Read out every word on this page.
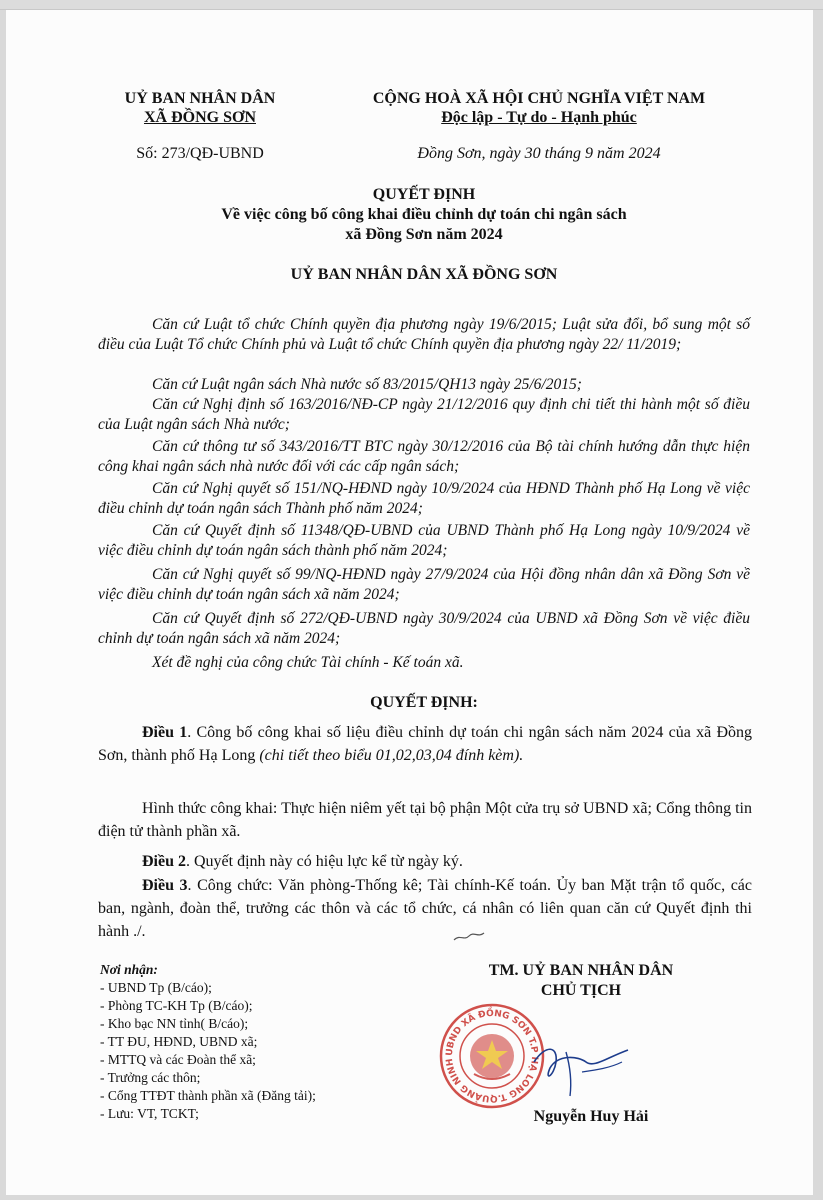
UỶ BAN NHÂN DÂN
XÃ ĐỒNG SƠN
Số: 273/QĐ-UBND
CỘNG HOÀ XÃ HỘI CHỦ NGHĨA VIỆT NAM
Độc lập - Tự do - Hạnh phúc
Đồng Sơn, ngày 30 tháng 9 năm 2024
QUYẾT ĐỊNH
Về việc công bố công khai điều chỉnh dự toán chi ngân sách
xã Đồng Sơn năm 2024
UỶ BAN NHÂN DÂN XÃ ĐỒNG SƠN
Căn cứ Luật tổ chức Chính quyền địa phương ngày 19/6/2015; Luật sửa đổi, bổ sung một số điều của Luật Tổ chức Chính phủ và Luật tổ chức Chính quyền địa phương ngày 22/ 11/2019;
Căn cứ Luật ngân sách Nhà nước số 83/2015/QH13 ngày 25/6/2015;
Căn cứ Nghị định số 163/2016/NĐ-CP ngày 21/12/2016 quy định chi tiết thi hành một số điều của Luật ngân sách Nhà nước;
Căn cứ thông tư số 343/2016/TT BTC ngày 30/12/2016 của Bộ tài chính hướng dẫn thực hiện công khai ngân sách nhà nước đối với các cấp ngân sách;
Căn cứ Nghị quyết số 151/NQ-HĐND ngày 10/9/2024 của HĐND Thành phố Hạ Long về việc điều chỉnh dự toán ngân sách Thành phố năm 2024;
Căn cứ Quyết định số 11348/QĐ-UBND của UBND Thành phố Hạ Long ngày 10/9/2024 về việc điều chỉnh dự toán ngân sách thành phố năm 2024;
Căn cứ Nghị quyết số 99/NQ-HĐND ngày 27/9/2024 của Hội đồng nhân dân xã Đồng Sơn về việc điều chỉnh dự toán ngân sách xã năm 2024;
Căn cứ Quyết định số 272/QĐ-UBND ngày 30/9/2024 của UBND xã Đồng Sơn về việc điều chỉnh dự toán ngân sách xã năm 2024;
Xét đề nghị của công chức Tài chính - Kế toán xã.
QUYẾT ĐỊNH:
Điều 1. Công bố công khai số liệu điều chỉnh dự toán chi ngân sách năm 2024 của xã Đồng Sơn, thành phố Hạ Long (chi tiết theo biểu 01,02,03,04 đính kèm).
Hình thức công khai: Thực hiện niêm yết tại bộ phận Một cửa trụ sở UBND xã; Cổng thông tin điện tử thành phần xã.
Điều 2. Quyết định này có hiệu lực kể từ ngày ký.
Điều 3. Công chức: Văn phòng-Thống kê; Tài chính-Kế toán. Ủy ban Mặt trận tổ quốc, các ban, ngành, đoàn thể, trưởng các thôn và các tổ chức, cá nhân có liên quan căn cứ Quyết định thi hành ./.
Nơi nhận:
- UBND Tp (B/cáo);
- Phòng TC-KH Tp (B/cáo);
- Kho bạc NN tỉnh( B/cáo);
- TT ĐU, HĐND, UBND xã;
- MTTQ và các Đoàn thể xã;
- Trưởng các thôn;
- Cổng TTĐT thành phần xã (Đăng tải);
- Lưu: VT, TCKT;
TM. UỶ BAN NHÂN DÂN
CHỦ TỊCH
UBND XÃ ĐỒNG SƠN T.P HẠ LONG T.QUẢNG NINH
Nguyễn Huy Hải
